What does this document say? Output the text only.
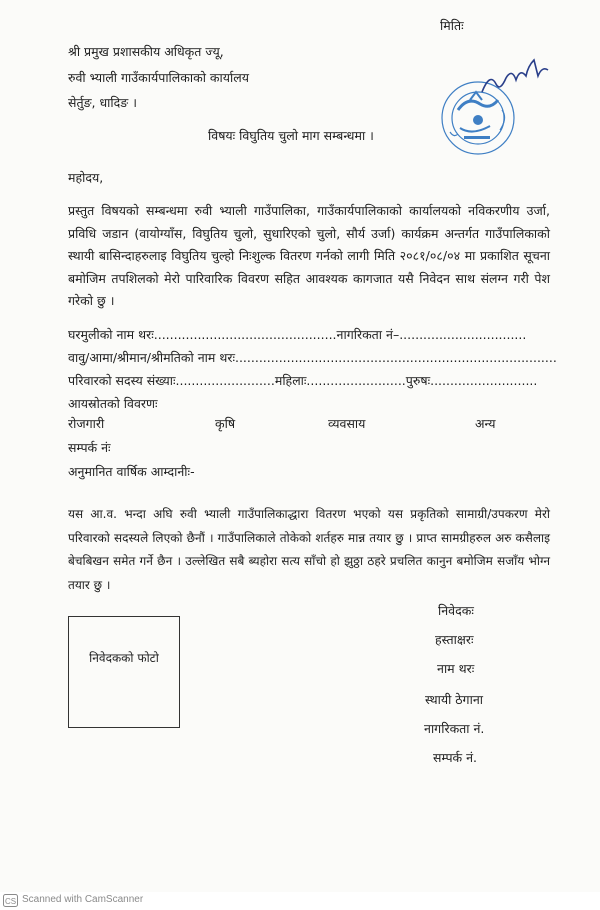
मितिः
श्री प्रमुख प्रशासकीय अधिकृत ज्यू,
रुवी भ्याली गाउँकार्यपालिकाको कार्यालय
सेर्तुङ, धादिङ ।
विषयः विघुतिय चुलो माग सम्बन्धमा ।
महोदय,
प्रस्तुत विषयको सम्बन्धमा रुवी भ्याली गाउँपालिका, गाउँकार्यपालिकाको कार्यालयको नविकरणीय उर्जा, प्रविधि जडान (वायोग्याँस, विघुतिय चुलो, सुधारिएको चुलो, सौर्य उर्जा) कार्यक्रम अन्तर्गत गाउँपालिकाको स्थायी बासिन्दाहरुलाइ विघुतिय चुल्हो निःशुल्क वितरण गर्नको लागी मिति २०८१/०८/०४ मा प्रकाशित सूचना बमोजिम तपशिलको मेरो पारिवारिक विवरण सहित आवश्यक कागजात यसै निवेदन साथ संलग्न गरी पेश गरेको छु ।
घरमुलीको नाम थरः..............................................नागरिकता नं–................................
वावु/आमा/श्रीमान/श्रीमतिको नाम थरः.................................................................................
परिवारको सदस्य संख्याः.........................महिलाः.........................पुरुषः...........................
आयस्रोतको विवरणः
रोजगारी	कृषि	व्यवसाय	अन्य
सम्पर्क नंः
अनुमानित वार्षिक आम्दानीः-
यस आ.व. भन्दा अघि रुवी भ्याली गाउँपालिकाद्धारा वितरण भएको यस प्रकृतिको सामाग्री/उपकरण मेरो परिवारको सदस्यले लिएको छैनौं । गाउँपालिकाले तोकेको शर्तहरु मान्न तयार छु । प्राप्त सामग्रीहरुल अरु कसैलाइ बेचबिखन समेत गर्ने छैन । उल्लेखित सबै ब्यहोरा सत्य साँचो हो झुठ्ठा ठहरे प्रचलित कानुन बमोजिम सजाँय भोग्न तयार छु ।
निवेदकको फोटो
निवेदकः
हस्ताक्षरः
नाम थरः
स्थायी ठेगाना
नागरिकता नं.
सम्पर्क नं.
CS Scanned with CamScanner
